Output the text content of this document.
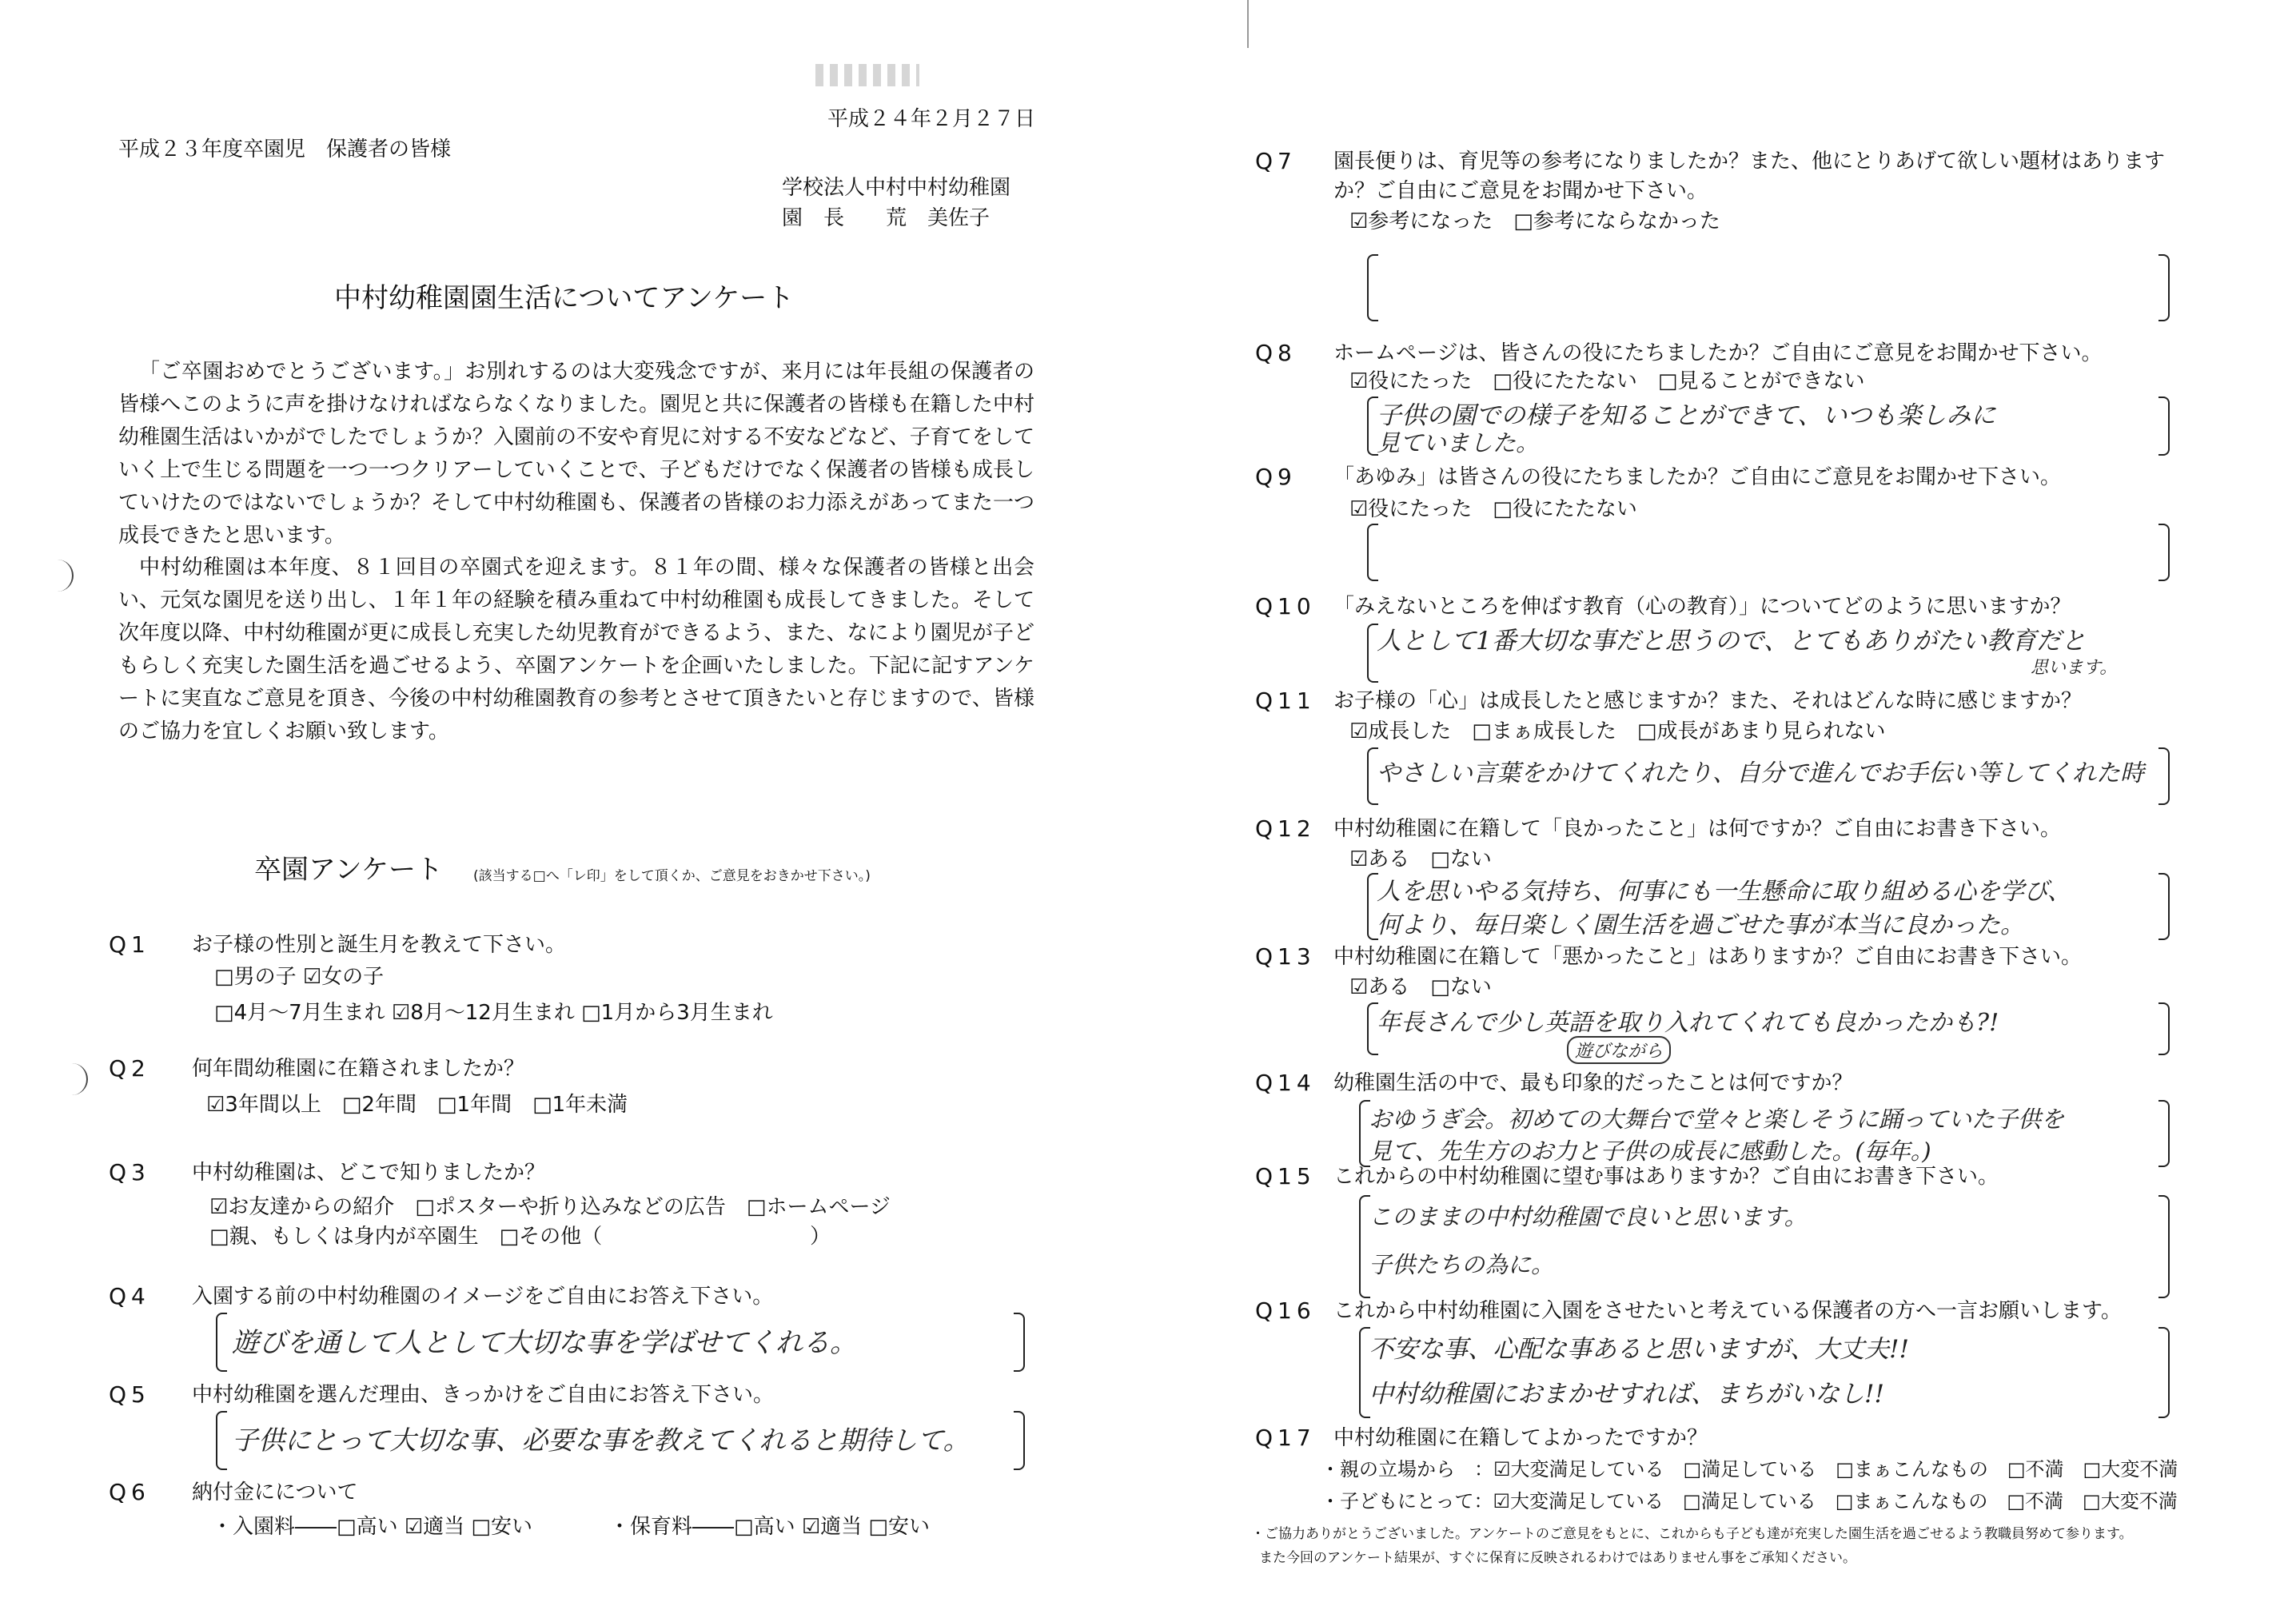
平成２４年２月２７日
平成２３年度卒園児　保護者の皆様
学校法人中村中村幼稚園
園　長　　荒　美佐子
中村幼稚園園生活についてアンケート
「ご卒園おめでとうございます。」お別れするのは大変残念ですが、来月には年長組の保護者の皆様へこのように声を掛けなければならなくなりました。園児と共に保護者の皆様も在籍した中村幼稚園生活はいかがでしたでしょうか？入園前の不安や育児に対する不安などなど、子育てをしていく上で生じる問題を一つ一つクリアーしていくことで、子どもだけでなく保護者の皆様も成長していけたのではないでしょうか？そして中村幼稚園も、保護者の皆様のお力添えがあってまた一つ成長できたと思います。
中村幼稚園は本年度、８１回目の卒園式を迎えます。８１年の間、様々な保護者の皆様と出会い、元気な園児を送り出し、１年１年の経験を積み重ねて中村幼稚園も成長してきました。そして次年度以降、中村幼稚園が更に成長し充実した幼児教育ができるよう、また、なにより園児が子どもらしく充実した園生活を過ごせるよう、卒園アンケートを企画いたしました。下記に記すアンケートに実直なご意見を頂き、今後の中村幼稚園教育の参考とさせて頂きたいと存じますので、皆様のご協力を宜しくお願い致します。
卒園アンケート (該当する□へ「レ印」をして頂くか、ご意見をおきかせ下さい。)
Q1 お子様の性別と誕生月を教えて下さい。
□男の子 ☑女の子
□4月～7月生まれ ☑8月～12月生まれ □1月から3月生まれ
Q2 何年間幼稚園に在籍されましたか？
☑3年間以上　□2年間　□1年間　□1年未満
Q3 中村幼稚園は、どこで知りましたか？
☑お友達からの紹介　□ポスターや折り込みなどの広告　□ホームページ
□親、もしくは身内が卒園生　□その他（　　　　　　　　　　）
Q4 入園する前の中村幼稚園のイメージをご自由にお答え下さい。
遊びを通して人として大切な事を学ばせてくれる。
Q5 中村幼稚園を選んだ理由、きっかけをご自由にお答え下さい。
子供にとって大切な事、必要な事を教えてくれると期待して。
Q6 納付金にについて
・入園料――□高い ☑適当 □安い	・保育料――□高い ☑適当 □安い
Q7 園長便りは、育児等の参考になりましたか？また、他にとりあげて欲しい題材はあります
か？ご自由にご意見をお聞かせ下さい。
☑参考になった　□参考にならなかった
Q8 ホームページは、皆さんの役にたちましたか？ご自由にご意見をお聞かせ下さい。
☑役にたった　□役にたたない　□見ることができない
子供の園での様子を知ることができて、いつも楽しみに
見ていました。
Q9 「あゆみ」は皆さんの役にたちましたか？ご自由にご意見をお聞かせ下さい。
☑役にたった　□役にたたない
Q10 「みえないところを伸ばす教育（心の教育）」についてどのように思いますか？
人として1番大切な事だと思うので、とてもありがたい教育だと
思います。
Q11 お子様の「心」は成長したと感じますか？また、それはどんな時に感じますか？
☑成長した　□まぁ成長した　□成長があまり見られない
やさしい言葉をかけてくれたり、自分で進んでお手伝い等してくれた時
Q12 中村幼稚園に在籍して「良かったこと」は何ですか？ご自由にお書き下さい。
☑ある　□ない
人を思いやる気持ち、何事にも一生懸命に取り組める心を学び、
何より、毎日楽しく園生活を過ごせた事が本当に良かった。
Q13 中村幼稚園に在籍して「悪かったこと」はありますか？ご自由にお書き下さい。
☑ある　□ない
年長さんで少し英語を取り入れてくれても良かったかも?!
遊びながら
Q14 幼稚園生活の中で、最も印象的だったことは何ですか？
おゆうぎ会。初めての大舞台で堂々と楽しそうに踊っていた子供を
見て、先生方のお力と子供の成長に感動した。(毎年。)
Q15 これからの中村幼稚園に望む事はありますか？ご自由にお書き下さい。
このままの中村幼稚園で良いと思います。
子供たちの為に。
Q16 これから中村幼稚園に入園をさせたいと考えている保護者の方へ一言お願いします。
不安な事、心配な事あると思いますが、大丈夫!!
中村幼稚園におまかせすれば、まちがいなし!!
Q17 中村幼稚園に在籍してよかったですか？
・親の立場から　：☑大変満足している　□満足している　□まぁこんなもの　□不満　□大変不満
・子どもにとって：☑大変満足している　□満足している　□まぁこんなもの　□不満　□大変不満
・ご協力ありがとうございました。アンケートのご意見をもとに、これからも子ども達が充実した園生活を過ごせるよう教職員努めて参ります。
また今回のアンケート結果が、すぐに保育に反映されるわけではありません事をご承知ください。
